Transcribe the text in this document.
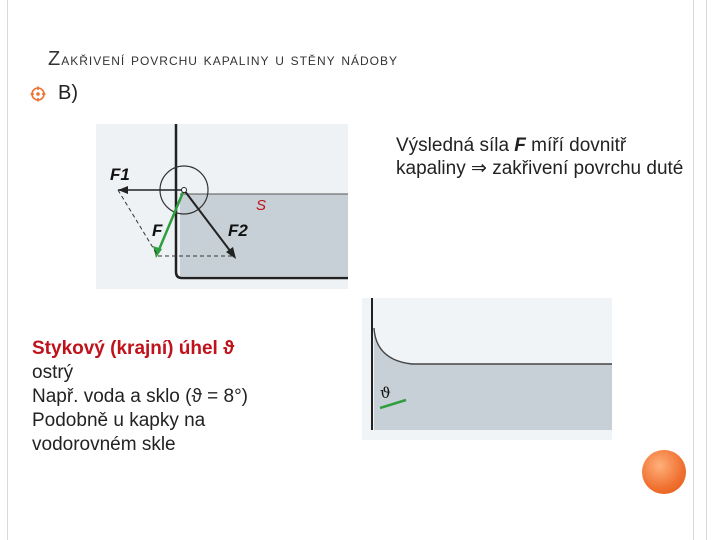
Zakřivení povrchu kapaliny u stěny nádoby
B)
Výsledná síla F míří dovnitř kapaliny ⇒ zakřivení povrchu duté
Stykový (krajní) úhel ϑ
ostrý
Např. voda a sklo (ϑ = 8°)
Podobně u kapky na
vodorovném skle
F1
F	F2
S
ϑ
